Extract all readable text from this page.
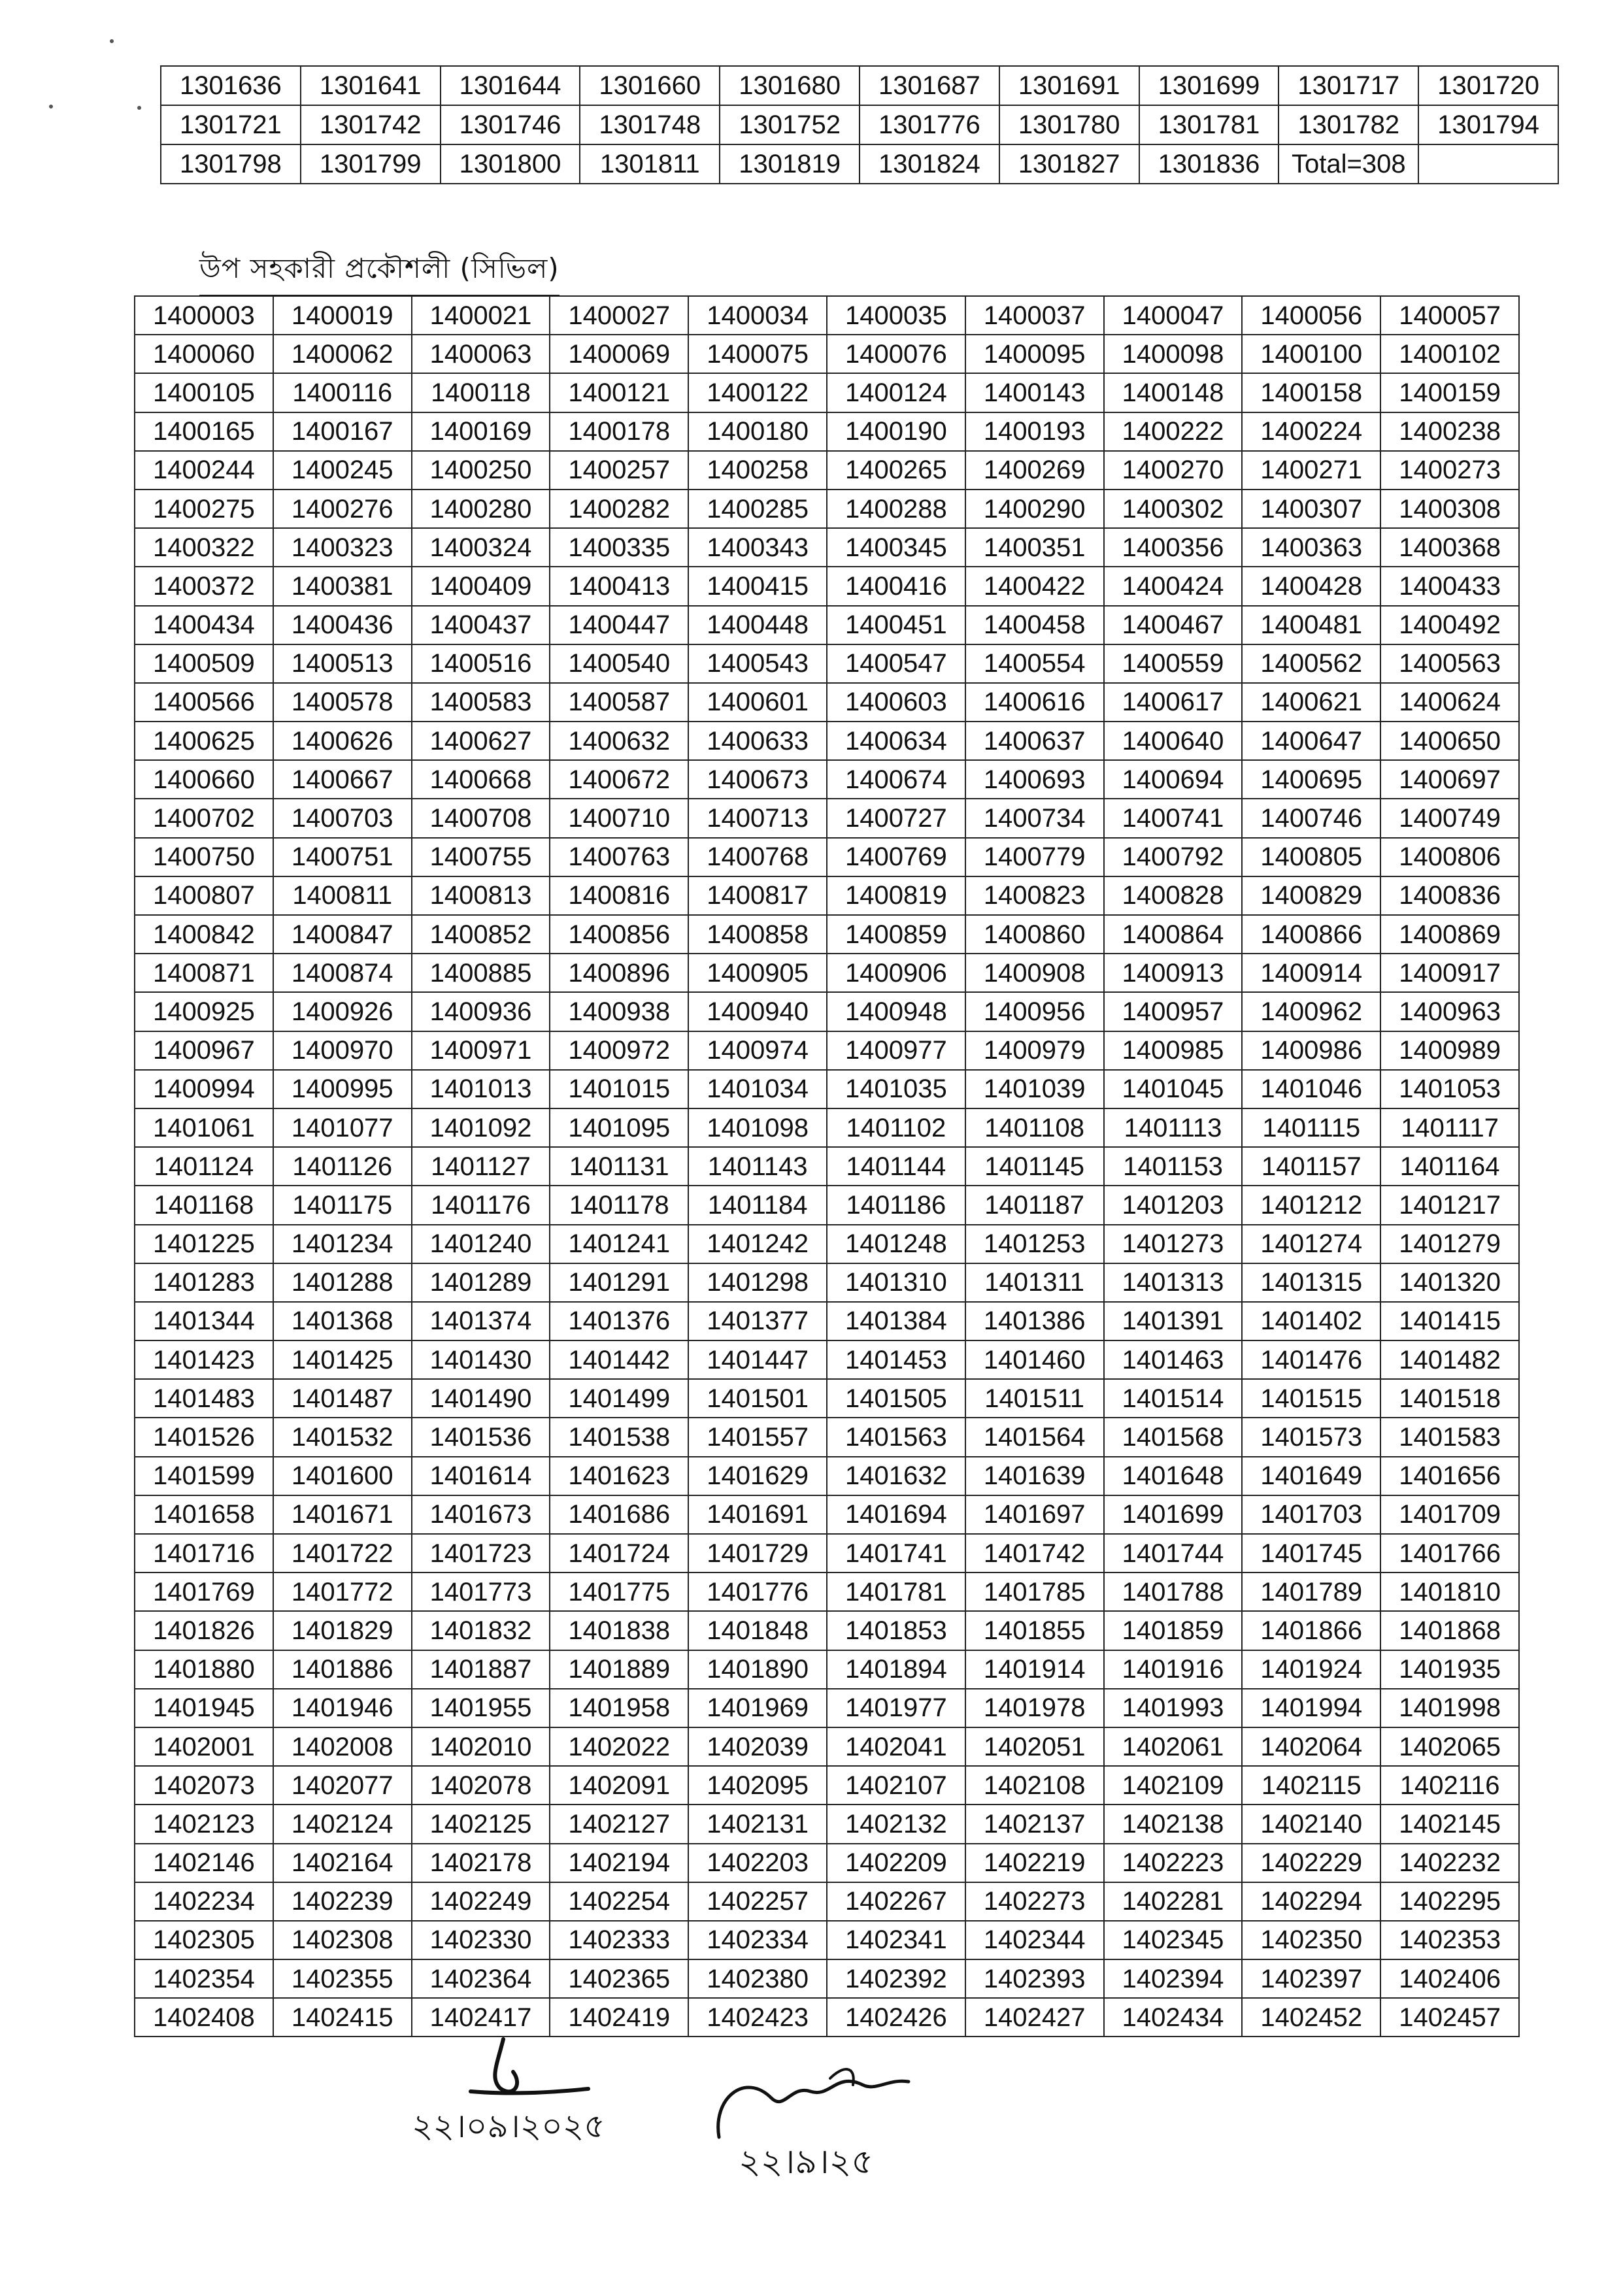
1301636	1301641	1301644	1301660	1301680	1301687	1301691	1301699	1301717	1301720
1301721	1301742	1301746	1301748	1301752	1301776	1301780	1301781	1301782	1301794
1301798	1301799	1301800	1301811	1301819	1301824	1301827	1301836	Total=308	
উপ সহকারী প্রকৌশলী (সিভিল)
1400003	1400019	1400021	1400027	1400034	1400035	1400037	1400047	1400056	1400057
1400060	1400062	1400063	1400069	1400075	1400076	1400095	1400098	1400100	1400102
1400105	1400116	1400118	1400121	1400122	1400124	1400143	1400148	1400158	1400159
1400165	1400167	1400169	1400178	1400180	1400190	1400193	1400222	1400224	1400238
1400244	1400245	1400250	1400257	1400258	1400265	1400269	1400270	1400271	1400273
1400275	1400276	1400280	1400282	1400285	1400288	1400290	1400302	1400307	1400308
1400322	1400323	1400324	1400335	1400343	1400345	1400351	1400356	1400363	1400368
1400372	1400381	1400409	1400413	1400415	1400416	1400422	1400424	1400428	1400433
1400434	1400436	1400437	1400447	1400448	1400451	1400458	1400467	1400481	1400492
1400509	1400513	1400516	1400540	1400543	1400547	1400554	1400559	1400562	1400563
1400566	1400578	1400583	1400587	1400601	1400603	1400616	1400617	1400621	1400624
1400625	1400626	1400627	1400632	1400633	1400634	1400637	1400640	1400647	1400650
1400660	1400667	1400668	1400672	1400673	1400674	1400693	1400694	1400695	1400697
1400702	1400703	1400708	1400710	1400713	1400727	1400734	1400741	1400746	1400749
1400750	1400751	1400755	1400763	1400768	1400769	1400779	1400792	1400805	1400806
1400807	1400811	1400813	1400816	1400817	1400819	1400823	1400828	1400829	1400836
1400842	1400847	1400852	1400856	1400858	1400859	1400860	1400864	1400866	1400869
1400871	1400874	1400885	1400896	1400905	1400906	1400908	1400913	1400914	1400917
1400925	1400926	1400936	1400938	1400940	1400948	1400956	1400957	1400962	1400963
1400967	1400970	1400971	1400972	1400974	1400977	1400979	1400985	1400986	1400989
1400994	1400995	1401013	1401015	1401034	1401035	1401039	1401045	1401046	1401053
1401061	1401077	1401092	1401095	1401098	1401102	1401108	1401113	1401115	1401117
1401124	1401126	1401127	1401131	1401143	1401144	1401145	1401153	1401157	1401164
1401168	1401175	1401176	1401178	1401184	1401186	1401187	1401203	1401212	1401217
1401225	1401234	1401240	1401241	1401242	1401248	1401253	1401273	1401274	1401279
1401283	1401288	1401289	1401291	1401298	1401310	1401311	1401313	1401315	1401320
1401344	1401368	1401374	1401376	1401377	1401384	1401386	1401391	1401402	1401415
1401423	1401425	1401430	1401442	1401447	1401453	1401460	1401463	1401476	1401482
1401483	1401487	1401490	1401499	1401501	1401505	1401511	1401514	1401515	1401518
1401526	1401532	1401536	1401538	1401557	1401563	1401564	1401568	1401573	1401583
1401599	1401600	1401614	1401623	1401629	1401632	1401639	1401648	1401649	1401656
1401658	1401671	1401673	1401686	1401691	1401694	1401697	1401699	1401703	1401709
1401716	1401722	1401723	1401724	1401729	1401741	1401742	1401744	1401745	1401766
1401769	1401772	1401773	1401775	1401776	1401781	1401785	1401788	1401789	1401810
1401826	1401829	1401832	1401838	1401848	1401853	1401855	1401859	1401866	1401868
1401880	1401886	1401887	1401889	1401890	1401894	1401914	1401916	1401924	1401935
1401945	1401946	1401955	1401958	1401969	1401977	1401978	1401993	1401994	1401998
1402001	1402008	1402010	1402022	1402039	1402041	1402051	1402061	1402064	1402065
1402073	1402077	1402078	1402091	1402095	1402107	1402108	1402109	1402115	1402116
1402123	1402124	1402125	1402127	1402131	1402132	1402137	1402138	1402140	1402145
1402146	1402164	1402178	1402194	1402203	1402209	1402219	1402223	1402229	1402232
1402234	1402239	1402249	1402254	1402257	1402267	1402273	1402281	1402294	1402295
1402305	1402308	1402330	1402333	1402334	1402341	1402344	1402345	1402350	1402353
1402354	1402355	1402364	1402365	1402380	1402392	1402393	1402394	1402397	1402406
1402408	1402415	1402417	1402419	1402423	1402426	1402427	1402434	1402452	1402457
২২।০৯।২০২৫
২২।৯।২৫
